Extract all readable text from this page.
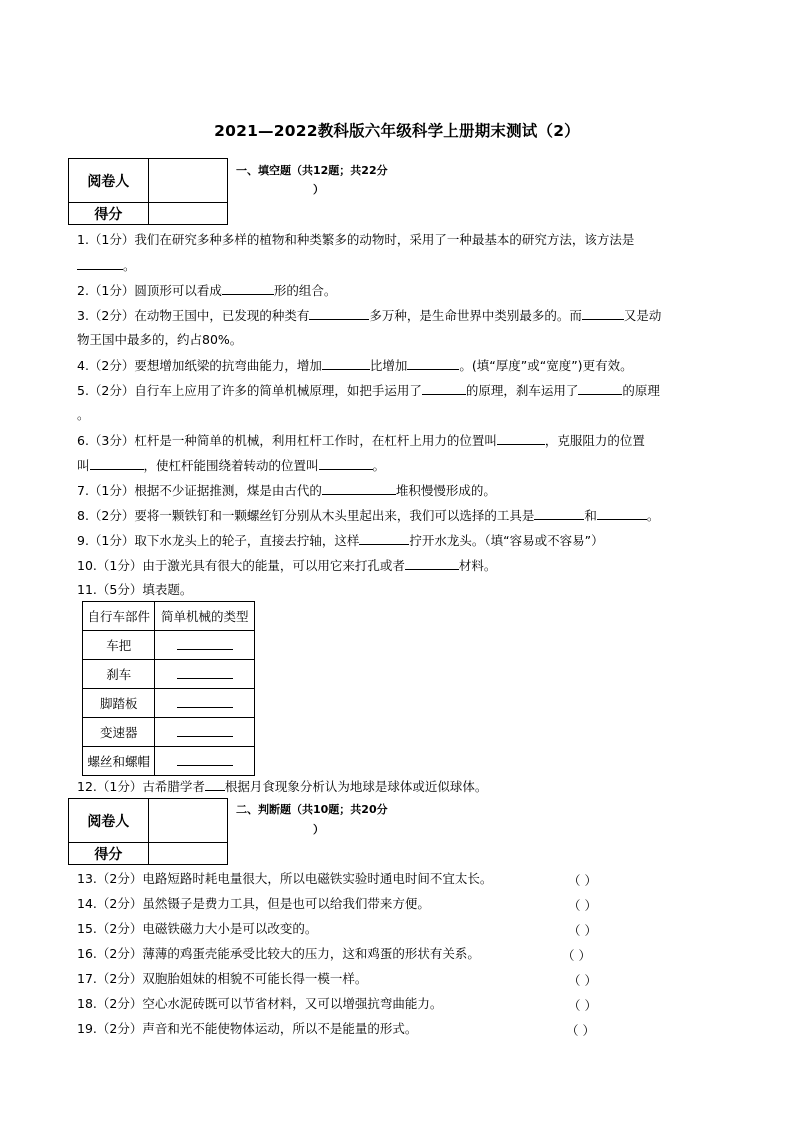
2021—2022教科版六年级科学上册期末测试（2）
阅卷人	
得分	
一、填空题（共12题；共22分
）
1.（1分）我们在研究多种多样的植物和种类繁多的动物时，采用了一种最基本的研究方法，该方法是
。
2.（1分）圆顶形可以看成	形的组合。
3.（2分）在动物王国中，已发现的种类有	多万种，是生命世界中类别最多的。而	又是动
物王国中最多的，约占80%。
4.（2分）要想增加纸梁的抗弯曲能力，增加	比增加	。(填“厚度”或“宽度”)更有效。
5.（2分）自行车上应用了许多的简单机械原理，如把手运用了	的原理，刹车运用了	的原理
。
6.（3分）杠杆是一种简单的机械，利用杠杆工作时，在杠杆上用力的位置叫	，克服阻力的位置
叫	，使杠杆能围绕着转动的位置叫	。
7.（1分）根据不少证据推测，煤是由古代的	堆积慢慢形成的。
8.（2分）要将一颗铁钉和一颗螺丝钉分别从木头里起出来，我们可以选择的工具是	和	。
9.（1分）取下水龙头上的轮子，直接去拧轴，这样	拧开水龙头。（填“容易或不容易”）
10.（1分）由于激光具有很大的能量，可以用它来打孔或者	材料。
11.（5分）填表题。
自行车部件	简单机械的类型
车把	
刹车	
脚踏板	
变速器	
螺丝和螺帽	
12.（1分）古希腊学者 根据月食现象分析认为地球是球体或近似球体。
阅卷人	
得分	
二、判断题（共10题；共20分
）
13.（2分）电路短路时耗电量很大，所以电磁铁实验时通电时间不宜太长。	（ ）
14.（2分）虽然镊子是费力工具，但是也可以给我们带来方便。	（ ）
15.（2分）电磁铁磁力大小是可以改变的。	（ ）
16.（2分）薄薄的鸡蛋壳能承受比较大的压力，这和鸡蛋的形状有关系。	（ ）
17.（2分）双胞胎姐妹的相貌不可能长得一模一样。	（ ）
18.（2分）空心水泥砖既可以节省材料，又可以增强抗弯曲能力。	（ ）
19.（2分）声音和光不能使物体运动，所以不是能量的形式。	（ ）
